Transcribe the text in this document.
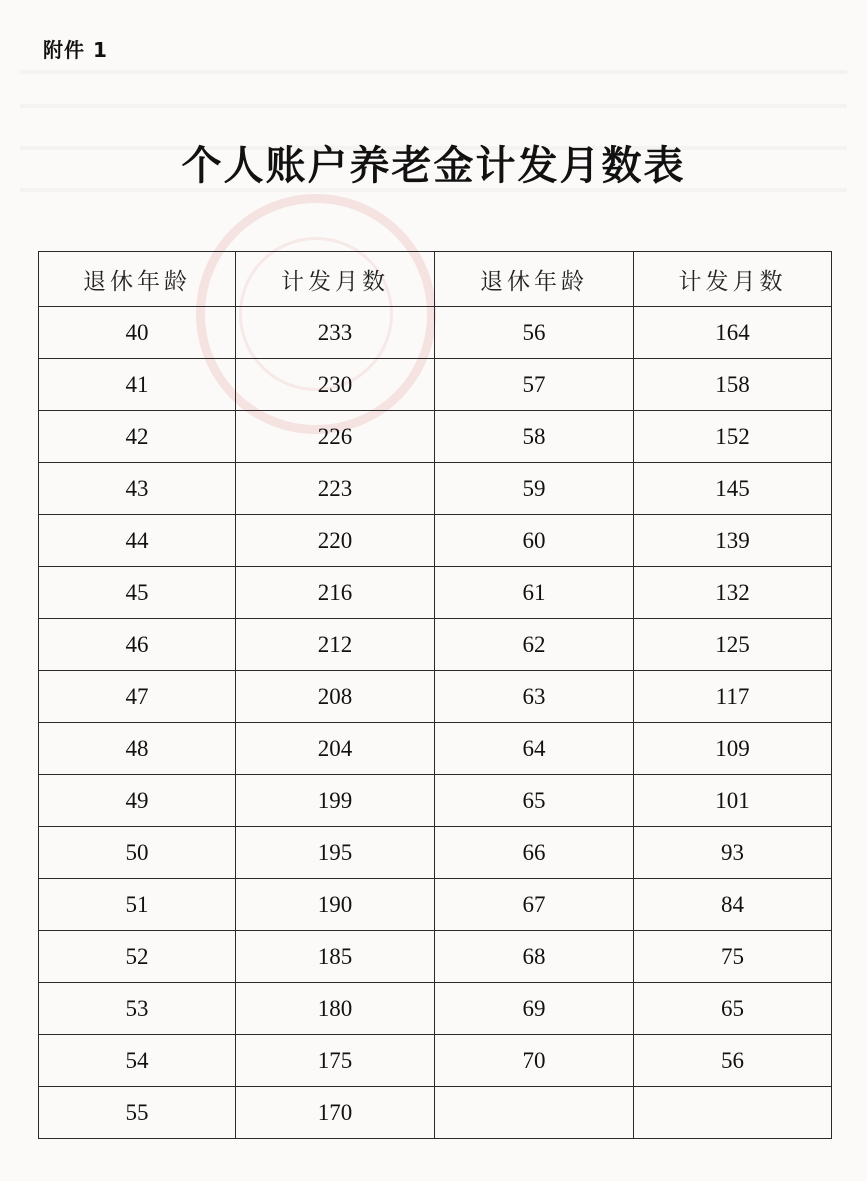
附件 1
个人账户养老金计发月数表
退休年龄	计发月数	退休年龄	计发月数
40	233	56	164
41	230	57	158
42	226	58	152
43	223	59	145
44	220	60	139
45	216	61	132
46	212	62	125
47	208	63	117
48	204	64	109
49	199	65	101
50	195	66	93
51	190	67	84
52	185	68	75
53	180	69	65
54	175	70	56
55	170		
